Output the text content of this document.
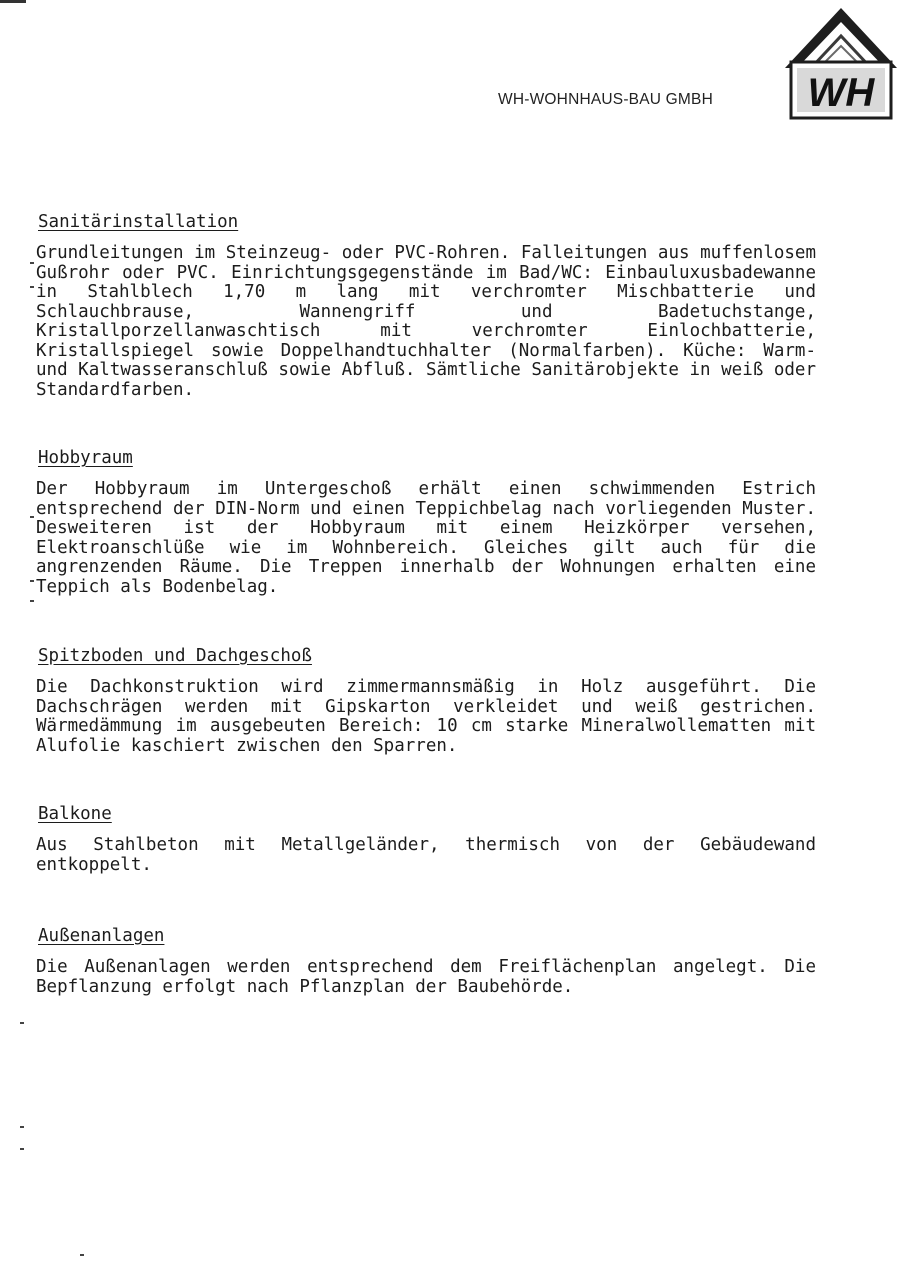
WH-WOHNHAUS-BAU GMBH WH
Sanitärinstallation
Grundleitungen im Steinzeug- oder PVC-Rohren. Falleitungen aus muffenlosem Gußrohr oder PVC. Einrichtungsgegenstände im Bad/WC: Einbauluxusbadewanne in Stahlblech 1,70 m lang mit verchromter Mischbatterie und Schlauchbrause, Wannengriff und Badetuchstange, Kristallporzellanwaschtisch mit verchromter Einlochbatterie, Kristallspiegel sowie Doppelhandtuchhalter (Normalfarben). Küche: Warm- und Kaltwasseranschluß sowie Abfluß. Sämtliche Sanitärobjekte in weiß oder Standardfarben.
Hobbyraum
Der Hobbyraum im Untergeschoß erhält einen schwimmenden Estrich entsprechend der DIN-Norm und einen Teppichbelag nach vorliegenden Muster. Desweiteren ist der Hobbyraum mit einem Heizkörper versehen, Elektroanschlüße wie im Wohnbereich. Gleiches gilt auch für die angrenzenden Räume. Die Treppen innerhalb der Wohnungen erhalten eine Teppich als Bodenbelag.
Spitzboden und Dachgeschoß
Die Dachkonstruktion wird zimmermannsmäßig in Holz ausgeführt. Die Dachschrägen werden mit Gipskarton verkleidet und weiß gestrichen. Wärmedämmung im ausgebeuten Bereich: 10 cm starke Mineralwollematten mit Alufolie kaschiert zwischen den Sparren.
Balkone
Aus Stahlbeton mit Metallgeländer, thermisch von der Gebäudewand entkoppelt.
Außenanlagen
Die Außenanlagen werden entsprechend dem Freiflächenplan angelegt. Die Bepflanzung erfolgt nach Pflanzplan der Baubehörde.
